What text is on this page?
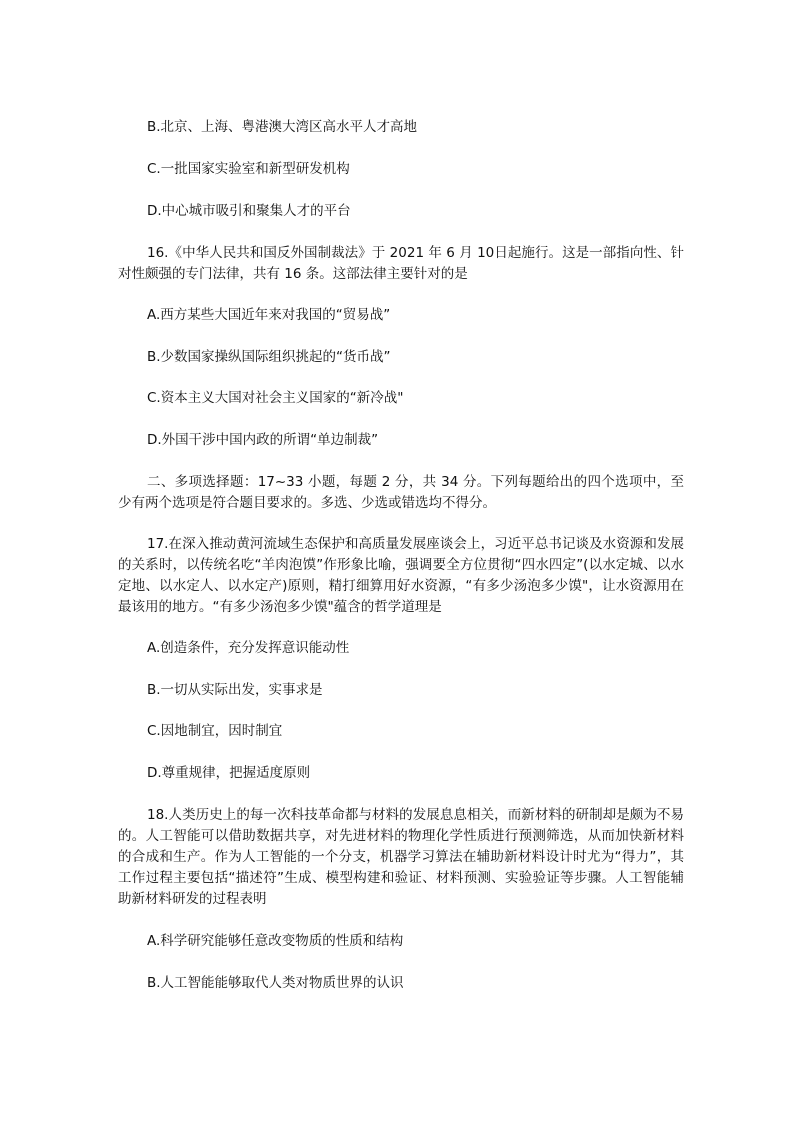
B.北京、上海、粤港澳大湾区高水平人才高地
C.一批国家实验室和新型研发机构
D.中心城市吸引和聚集人才的平台
16.《中华人民共和国反外国制裁法》于 2021 年 6 月 10日起施行。这是一部指向性、针对性颇强的专门法律，共有 16 条。这部法律主要针对的是
A.西方某些大国近年来对我国的“贸易战”
B.少数国家操纵国际组织挑起的“货币战”
C.资本主义大国对社会主义国家的“新冷战"
D.外国干涉中国内政的所谓“单边制裁”
二、多项选择题：17~33 小题，每题 2 分，共 34 分。下列每题给出的四个选项中，至少有两个选项是符合题目要求的。多选、少选或错选均不得分。
17.在深入推动黄河流域生态保护和高质量发展座谈会上，习近平总书记谈及水资源和发展的关系时，以传统名吃“羊肉泡馍”作形象比喻，强调要全方位贯彻“四水四定”(以水定城、以水定地、以水定人、以水定产)原则，精打细算用好水资源，“有多少汤泡多少馍"，让水资源用在最该用的地方。“有多少汤泡多少馍"蕴含的哲学道理是
A.创造条件，充分发挥意识能动性
B.一切从实际出发，实事求是
C.因地制宜，因时制宜
D.尊重规律，把握适度原则
18.人类历史上的每一次科技革命都与材料的发展息息相关，而新材料的研制却是颇为不易的。人工智能可以借助数据共享，对先进材料的物理化学性质进行预测筛选，从而加快新材料的合成和生产。作为人工智能的一个分支，机器学习算法在辅助新材料设计时尤为“得力”，其工作过程主要包括“描述符”生成、模型构建和验证、材料预测、实验验证等步骤。人工智能辅助新材料研发的过程表明
A.科学研究能够任意改变物质的性质和结构
B.人工智能能够取代人类对物质世界的认识
